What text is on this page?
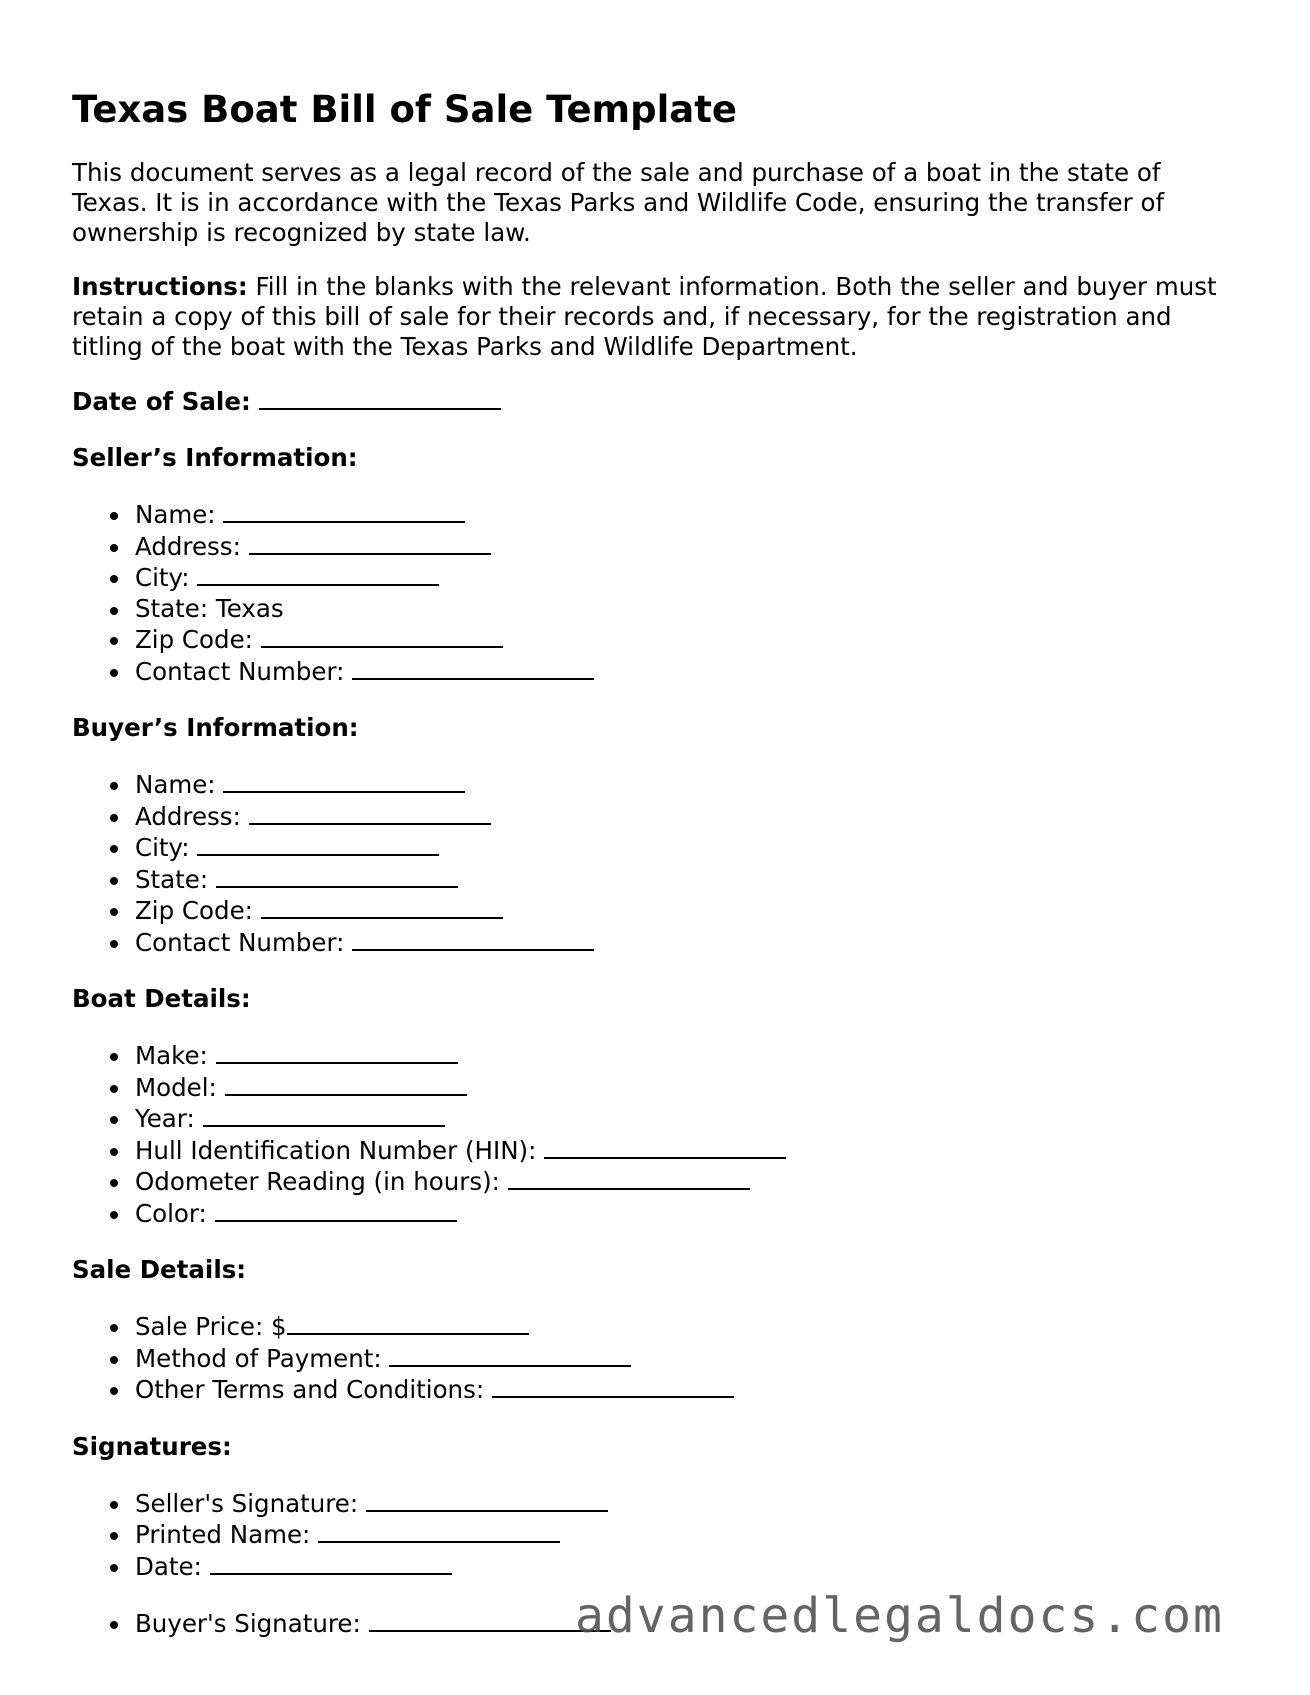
Texas Boat Bill of Sale Template

This document serves as a legal record of the sale and purchase of a boat in the state of Texas. It is in accordance with the Texas Parks and Wildlife Code, ensuring the transfer of ownership is recognized by state law.

Instructions: Fill in the blanks with the relevant information. Both the seller and buyer must retain a copy of this bill of sale for their records and, if necessary, for the registration and titling of the boat with the Texas Parks and Wildlife Department.

Date of Sale:
Seller’s Information:
Name:
Address:
City:
State: Texas
Zip Code:
Contact Number:
Buyer’s Information:
Name:
Address:
City:
State:
Zip Code:
Contact Number:
Boat Details:
Make:
Model:
Year:
Hull Identification Number (HIN):
Odometer Reading (in hours):
Color:
Sale Details:
Sale Price: $
Method of Payment:
Other Terms and Conditions:
Signatures:
Seller's Signature:
Printed Name:
Date:
Buyer's Signature:	advancedlegaldocs.com
